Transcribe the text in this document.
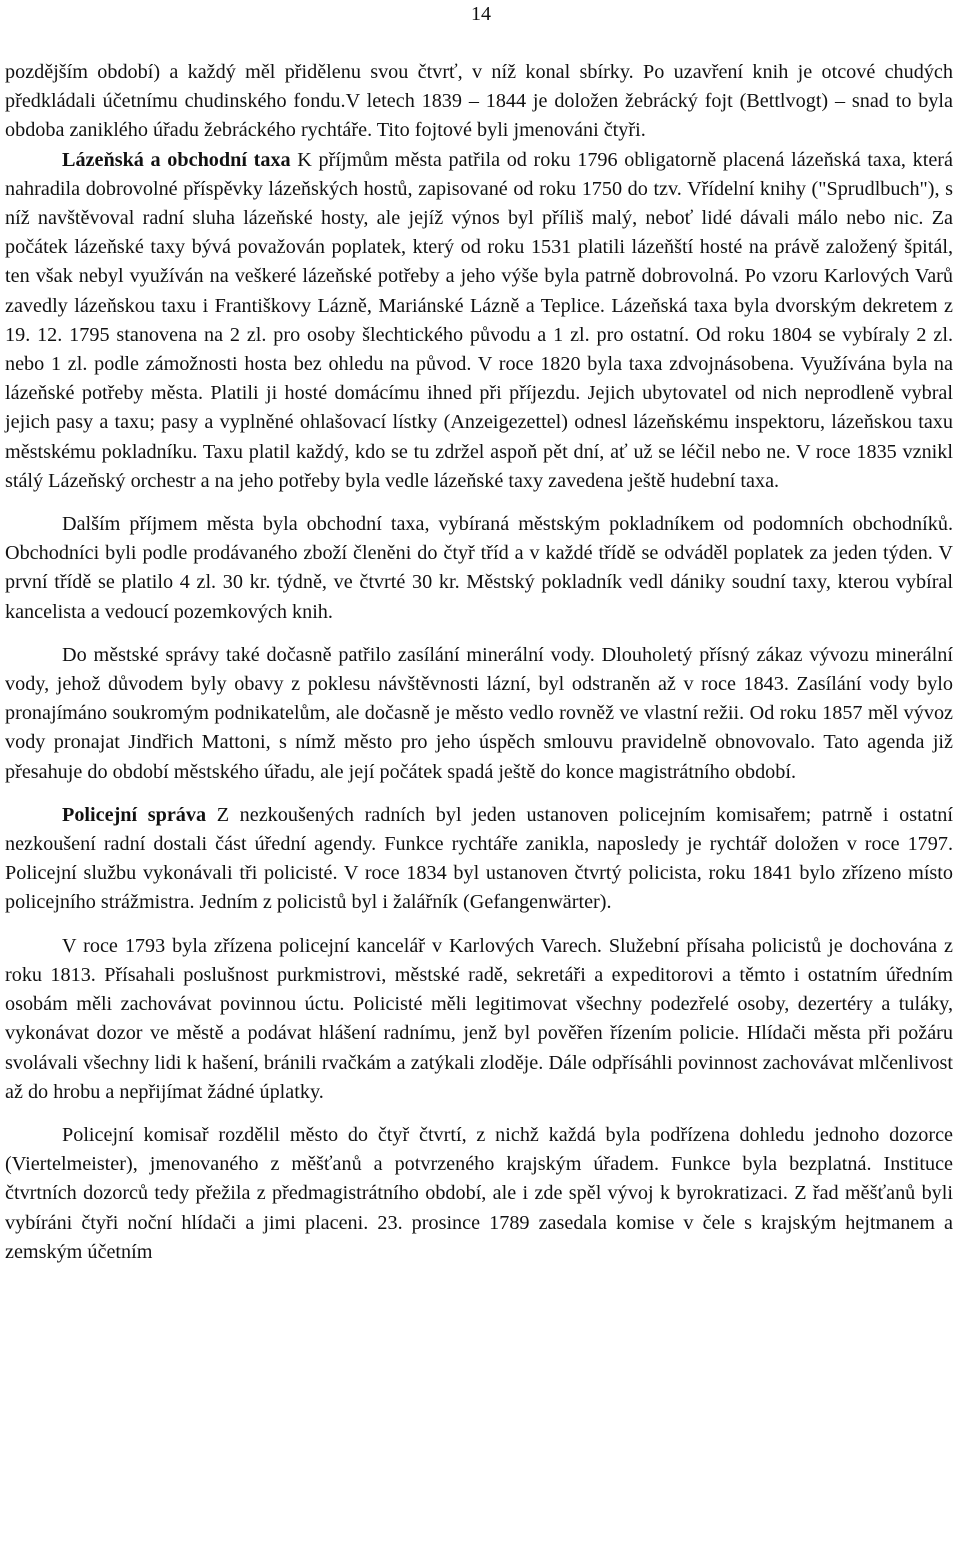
14

pozdějším období) a každý měl přidělenu svou čtvrť, v níž konal sbírky. Po uzavření knih je otcové chudých předkládali účetnímu chudinského fondu.V letech 1839 – 1844 je doložen žebrácký fojt (Bettlvogt) – snad to byla obdoba zaniklého úřadu žebráckého rychtáře. Tito fojtové byli jmenováni čtyři.

Lázeňská a obchodní taxa K příjmům města patřila od roku 1796 obligatorně placená lázeňská taxa, která nahradila dobrovolné příspěvky lázeňských hostů, zapisované od roku 1750 do tzv. Vřídelní knihy ("Sprudlbuch"), s níž navštěvoval radní sluha lázeňské hosty, ale jejíž výnos byl příliš malý, neboť lidé dávali málo nebo nic. Za počátek lázeňské taxy bývá považován poplatek, který od roku 1531 platili lázeňští hosté na právě založený špitál, ten však nebyl využíván na veškeré lázeňské potřeby a jeho výše byla patrně dobrovolná. Po vzoru Karlových Varů zavedly lázeňskou taxu i Františkovy Lázně, Mariánské Lázně a Teplice. Lázeňská taxa byla dvorským dekretem z 19. 12. 1795 stanovena na 2 zl. pro osoby šlechtického původu a 1 zl. pro ostatní. Od roku 1804 se vybíraly 2 zl. nebo 1 zl. podle zámožnosti hosta bez ohledu na původ. V roce 1820 byla taxa zdvojnásobena. Využívána byla na lázeňské potřeby města. Platili ji hosté domácímu ihned při příjezdu. Jejich ubytovatel od nich neprodleně vybral jejich pasy a taxu; pasy a vyplněné ohlašovací lístky (Anzeigezettel) odnesl lázeňskému inspektoru, lázeňskou taxu městskému pokladníku. Taxu platil každý, kdo se tu zdržel aspoň pět dní, ať už se léčil nebo ne. V roce 1835 vznikl stálý Lázeňský orchestr a na jeho potřeby byla vedle lázeňské taxy zavedena ještě hudební taxa.

Dalším příjmem města byla obchodní taxa, vybíraná městským pokladníkem od podomních obchodníků. Obchodníci byli podle prodávaného zboží členěni do čtyř tříd a v každé třídě se odváděl poplatek za jeden týden. V první třídě se platilo 4 zl. 30 kr. týdně, ve čtvrté 30 kr. Městský pokladník vedl dániky soudní taxy, kterou vybíral kancelista a vedoucí pozemkových knih.

Do městské správy také dočasně patřilo zasílání minerální vody. Dlouholetý přísný zákaz vývozu minerální vody, jehož důvodem byly obavy z poklesu návštěvnosti lázní, byl odstraněn až v roce 1843. Zasílání vody bylo pronajímáno soukromým podnikatelům, ale dočasně je město vedlo rovněž ve vlastní režii. Od roku 1857 měl vývoz vody pronajat Jindřich Mattoni, s nímž město pro jeho úspěch smlouvu pravidelně obnovovalo. Tato agenda již přesahuje do období městského úřadu, ale její počátek spadá ještě do konce magistrátního období.

Policejní správa Z nezkoušených radních byl jeden ustanoven policejním komisařem; patrně i ostatní nezkoušení radní dostali část úřední agendy. Funkce rychtáře zanikla, naposledy je rychtář doložen v roce 1797. Policejní službu vykonávali tři policisté. V roce 1834 byl ustanoven čtvrtý policista, roku 1841 bylo zřízeno místo policejního strážmistra. Jedním z policistů byl i žalářník (Gefangenwärter).

V roce 1793 byla zřízena policejní kancelář v Karlových Varech. Služební přísaha policistů je dochována z roku 1813. Přísahali poslušnost purkmistrovi, městské radě, sekretáři a expeditorovi a těmto i ostatním úředním osobám měli zachovávat povinnou úctu. Policisté měli legitimovat všechny podezřelé osoby, dezertéry a tuláky, vykonávat dozor ve městě a podávat hlášení radnímu, jenž byl pověřen řízením policie. Hlídači města při požáru svolávali všechny lidi k hašení, bránili rvačkám a zatýkali zloděje. Dále odpřísáhli povinnost zachovávat mlčenlivost až do hrobu a nepřijímat žádné úplatky.

Policejní komisař rozdělil město do čtyř čtvrtí, z nichž každá byla podřízena dohledu jednoho dozorce (Viertelmeister), jmenovaného z měšťanů a potvrzeného krajským úřadem. Funkce byla bezplatná. Instituce čtvrtních dozorců tedy přežila z předmagistrátního období, ale i zde spěl vývoj k byrokratizaci. Z řad měšťanů byli vybíráni čtyři noční hlídači a jimi placeni. 23. prosince 1789 zasedala komise v čele s krajským hejtmanem a zemským účetním
